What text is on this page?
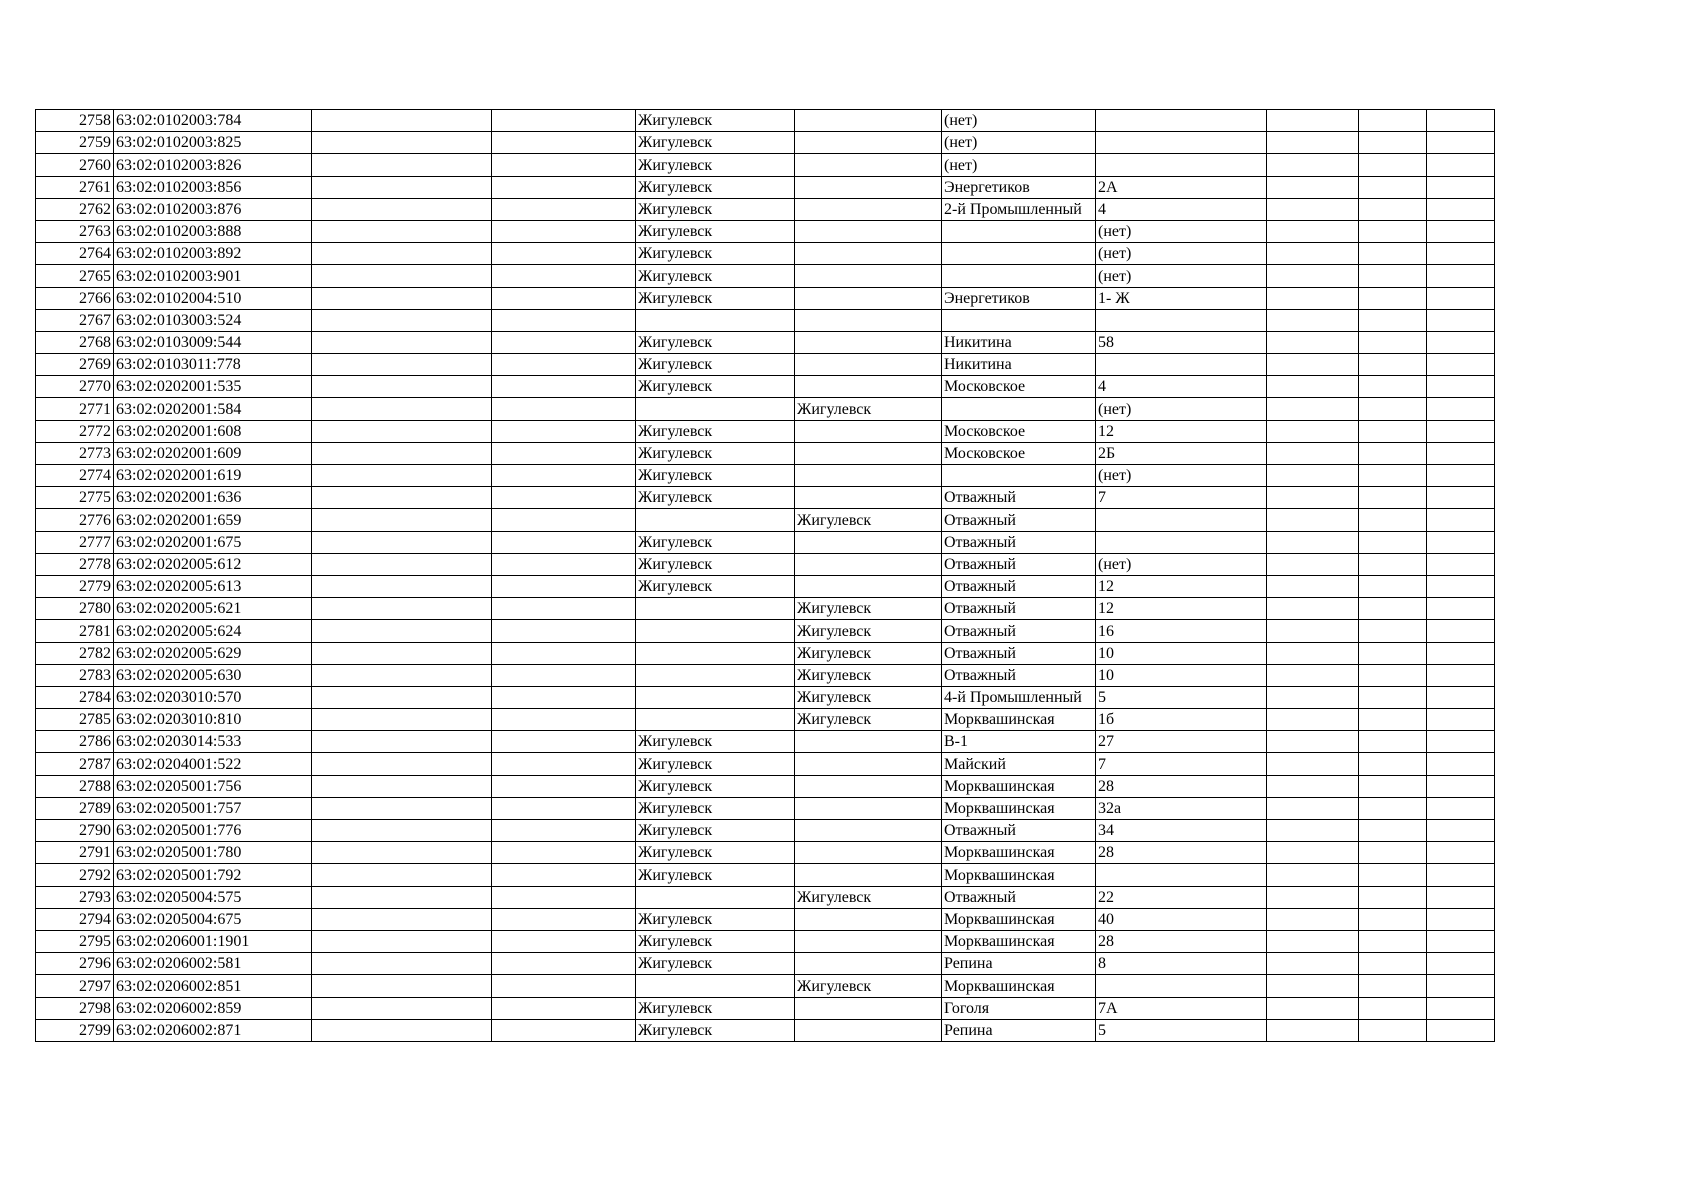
2758	63:02:0102003:784			Жигулевск		(нет)				
2759	63:02:0102003:825			Жигулевск		(нет)				
2760	63:02:0102003:826			Жигулевск		(нет)				
2761	63:02:0102003:856			Жигулевск		Энергетиков	2А			
2762	63:02:0102003:876			Жигулевск		2-й Промышленный	4			
2763	63:02:0102003:888			Жигулевск			(нет)			
2764	63:02:0102003:892			Жигулевск			(нет)			
2765	63:02:0102003:901			Жигулевск			(нет)			
2766	63:02:0102004:510			Жигулевск		Энергетиков	1- Ж			
2767	63:02:0103003:524									
2768	63:02:0103009:544			Жигулевск		Никитина	58			
2769	63:02:0103011:778			Жигулевск		Никитина				
2770	63:02:0202001:535			Жигулевск		Московское	4			
2771	63:02:0202001:584				Жигулевск		(нет)			
2772	63:02:0202001:608			Жигулевск		Московское	12			
2773	63:02:0202001:609			Жигулевск		Московское	2Б			
2774	63:02:0202001:619			Жигулевск			(нет)			
2775	63:02:0202001:636			Жигулевск		Отважный	7			
2776	63:02:0202001:659				Жигулевск	Отважный				
2777	63:02:0202001:675			Жигулевск		Отважный				
2778	63:02:0202005:612			Жигулевск		Отважный	(нет)			
2779	63:02:0202005:613			Жигулевск		Отважный	12			
2780	63:02:0202005:621				Жигулевск	Отважный	12			
2781	63:02:0202005:624				Жигулевск	Отважный	16			
2782	63:02:0202005:629				Жигулевск	Отважный	10			
2783	63:02:0202005:630				Жигулевск	Отважный	10			
2784	63:02:0203010:570				Жигулевск	4-й Промышленный	5			
2785	63:02:0203010:810				Жигулевск	Морквашинская	1б			
2786	63:02:0203014:533			Жигулевск		В-1	27			
2787	63:02:0204001:522			Жигулевск		Майский	7			
2788	63:02:0205001:756			Жигулевск		Морквашинская	28			
2789	63:02:0205001:757			Жигулевск		Морквашинская	32а			
2790	63:02:0205001:776			Жигулевск		Отважный	34			
2791	63:02:0205001:780			Жигулевск		Морквашинская	28			
2792	63:02:0205001:792			Жигулевск		Морквашинская				
2793	63:02:0205004:575				Жигулевск	Отважный	22			
2794	63:02:0205004:675			Жигулевск		Морквашинская	40			
2795	63:02:0206001:1901			Жигулевск		Морквашинская	28			
2796	63:02:0206002:581			Жигулевск		Репина	8			
2797	63:02:0206002:851				Жигулевск	Морквашинская				
2798	63:02:0206002:859			Жигулевск		Гоголя	7А			
2799	63:02:0206002:871			Жигулевск		Репина	5			
